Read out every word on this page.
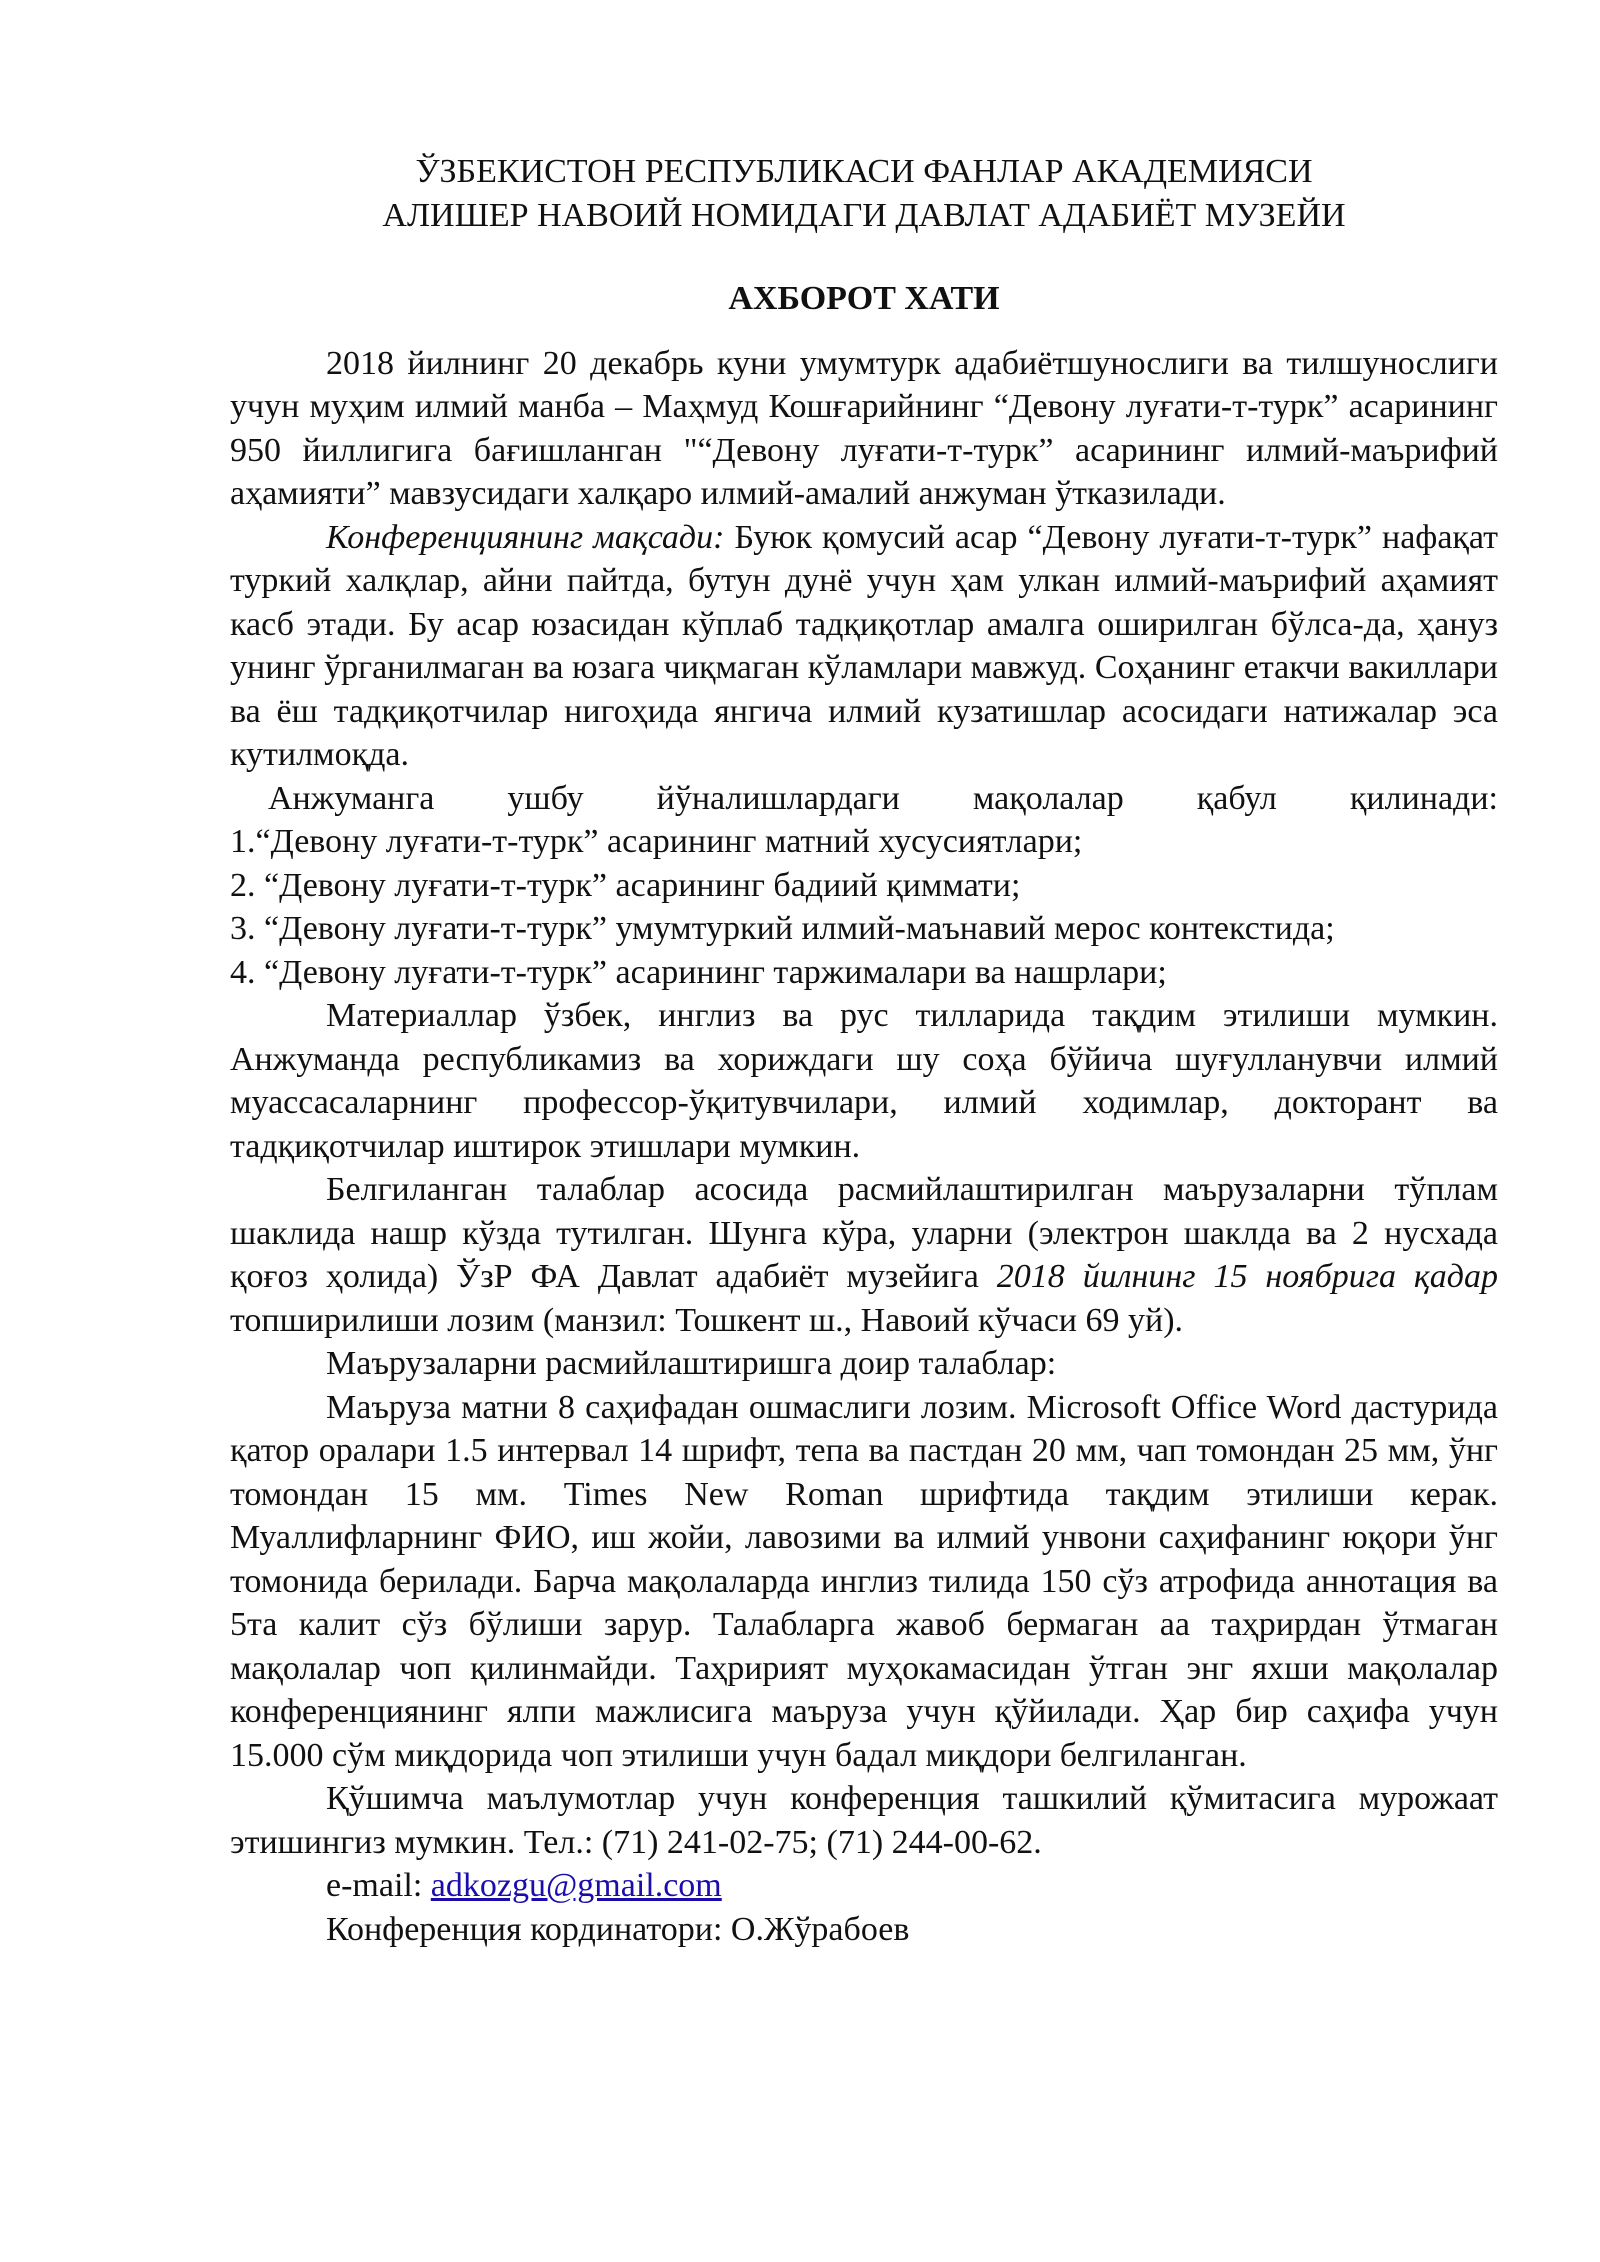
ЎЗБЕКИСТОН РЕСПУБЛИКАСИ ФАНЛАР АКАДЕМИЯСИ

АЛИШЕР НАВОИЙ НОМИДАГИ ДАВЛАТ АДАБИЁТ МУЗЕЙИ

АХБОРОТ ХАТИ

2018 йилнинг 20 декабрь куни умумтурк адабиётшунослиги ва тилшунослиги учун муҳим илмий манба – Маҳмуд Кошғарийнинг “Девону луғати-т-турк” асарининг 950 йиллигига бағишланган "“Девону луғати-т-турк” асарининг илмий-маърифий аҳамияти” мавзусидаги халқаро илмий-амалий анжуман ўтказилади.

Конференциянинг мақсади: Буюк қомусий асар “Девону луғати-т-турк” нафақат туркий халқлар, айни пайтда, бутун дунё учун ҳам улкан илмий-маърифий аҳамият касб этади. Бу асар юзасидан кўплаб тадқиқотлар амалга оширилган бўлса-да, ҳануз унинг ўрганилмаган ва юзага чиқмаган кўламлари мавжуд. Соҳанинг етакчи вакиллари ва ёш тадқиқотчилар нигоҳида янгича илмий кузатишлар асосидаги натижалар эса кутилмоқда.

Анжуманга ушбу йўналишлардаги мақолалар қабул қилинади:

1.“Девону луғати-т-турк” асарининг матний хусусиятлари;

2. “Девону луғати-т-турк” асарининг бадиий қиммати;

3. “Девону луғати-т-турк” умумтуркий илмий-маънавий мерос контекстида;

4. “Девону луғати-т-турк” асарининг таржималари ва нашрлари;

Материаллар ўзбек, инглиз ва рус тилларида тақдим этилиши мумкин. Анжуманда республикамиз ва хориждаги шу соҳа бўйича шуғулланувчи илмий муассасаларнинг профессор-ўқитувчилари, илмий ходимлар, докторант ва тадқиқотчилар иштирок этишлари мумкин.

Белгиланган талаблар асосида расмийлаштирилган маърузаларни тўплам шаклида нашр кўзда тутилган. Шунга кўра, уларни (электрон шаклда ва 2 нусхада қоғоз ҳолида) ЎзР ФА Давлат адабиёт музейига 2018 йилнинг 15 ноябрига қадар топширилиши лозим (манзил: Тошкент ш., Навоий кўчаси 69 уй).

Маърузаларни расмийлаштиришга доир талаблар:

Маъруза матни 8 саҳифадан ошмаслиги лозим. Microsoft Office Word дастурида қатор оралари 1.5 интервал 14 шрифт, тепа ва пастдан 20 мм, чап томондан 25 мм, ўнг томондан 15 мм. Times New Roman шрифтида тақдим этилиши керак. Муаллифларнинг ФИО, иш жойи, лавозими ва илмий унвони саҳифанинг юқори ўнг томонида берилади. Барча мақолаларда инглиз тилида 150 сўз атрофида аннотация ва 5та калит сўз бўлиши зарур. Талабларга жавоб бермаган аа таҳрирдан ўтмаган мақолалар чоп қилинмайди. Таҳририят муҳокамасидан ўтган энг яхши мақолалар конференциянинг ялпи мажлисига маъруза учун қўйилади. Ҳар бир саҳифа учун 15.000 сўм миқдорида чоп этилиши учун бадал миқдори белгиланган.

Қўшимча маълумотлар учун конференция ташкилий қўмитасига мурожаат этишингиз мумкин. Тел.: (71) 241-02-75; (71) 244-00-62.

e-mail: adkozgu@gmail.com

Конференция кординатори: О.Жўрабоев
